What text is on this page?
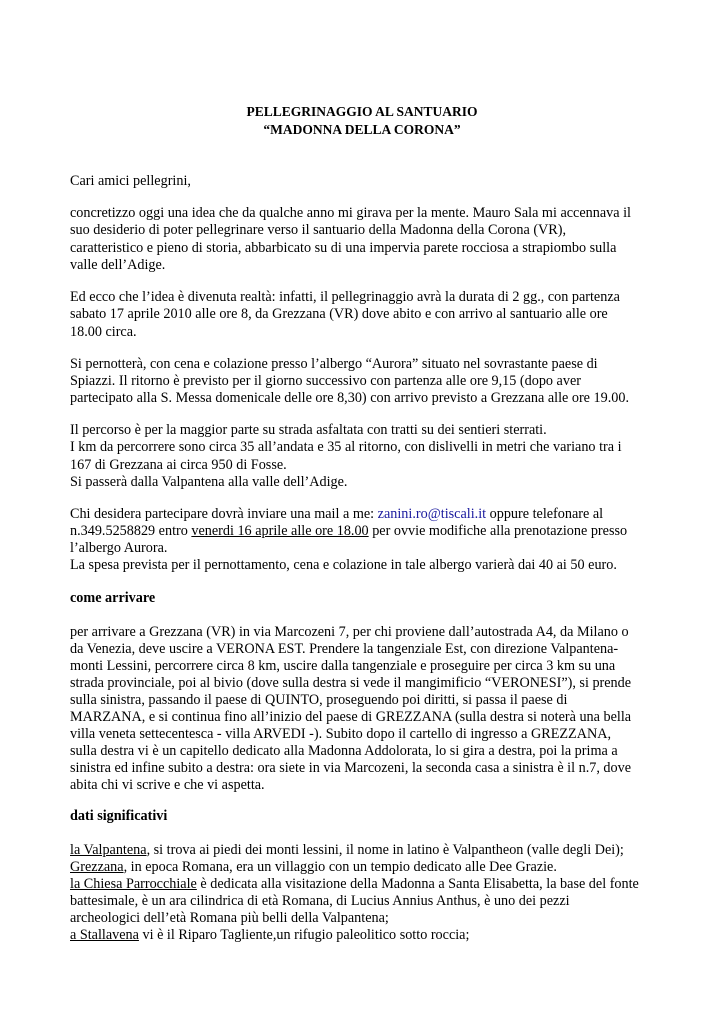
PELLEGRINAGGIO AL SANTUARIO
“MADONNA DELLA CORONA”
Cari amici pellegrini,
concretizzo oggi una idea che da qualche anno mi girava per la mente. Mauro Sala mi accennava il
suo desiderio di poter pellegrinare verso il santuario della Madonna della Corona (VR),
caratteristico e pieno di storia, abbarbicato su di una impervia parete rocciosa a strapiombo sulla
valle dell’Adige.
Ed ecco che l’idea è divenuta realtà: infatti, il pellegrinaggio avrà la durata di 2 gg., con partenza
sabato 17 aprile 2010 alle ore 8, da Grezzana (VR) dove abito e con arrivo al santuario alle ore
18.00 circa.
Si pernotterà, con cena e colazione presso l’albergo “Aurora” situato nel sovrastante paese di
Spiazzi. Il ritorno è previsto per il giorno successivo con partenza alle ore 9,15 (dopo aver
partecipato alla S. Messa domenicale delle ore 8,30) con arrivo previsto a Grezzana alle ore 19.00.
Il percorso è per la maggior parte su strada asfaltata con tratti su dei sentieri sterrati.
I km da percorrere sono circa 35 all’andata e 35 al ritorno, con dislivelli in metri che variano tra i
167 di Grezzana ai circa 950 di Fosse.
Si passerà dalla Valpantena alla valle dell’Adige.
Chi desidera partecipare dovrà inviare una mail a me: zanini.ro@tiscali.it oppure telefonare al
n.349.5258829 entro venerdi 16 aprile alle ore 18.00 per ovvie modifiche alla prenotazione presso
l’albergo Aurora.
La spesa prevista per il pernottamento, cena e colazione in tale albergo varierà dai 40 ai 50 euro.
come arrivare
per arrivare a Grezzana (VR) in via Marcozeni 7, per chi proviene dall’autostrada A4, da Milano o
da Venezia, deve uscire a VERONA EST. Prendere la tangenziale Est, con direzione Valpantena-
monti Lessini, percorrere circa 8 km, uscire dalla tangenziale e proseguire per circa 3 km su una
strada provinciale, poi al bivio (dove sulla destra si vede il mangimificio “VERONESI”), si prende
sulla sinistra, passando il paese di QUINTO, proseguendo poi diritti, si passa il paese di
MARZANA, e si continua fino all’inizio del paese di GREZZANA (sulla destra si noterà una bella
villa veneta settecentesca - villa ARVEDI -). Subito dopo il cartello di ingresso a GREZZANA,
sulla destra vi è un capitello dedicato alla Madonna Addolorata, lo si gira a destra, poi la prima a
sinistra ed infine subito a destra: ora siete in via Marcozeni, la seconda casa a sinistra è il n.7, dove
abita chi vi scrive e che vi aspetta.
dati significativi
la Valpantena, si trova ai piedi dei monti lessini, il nome in latino è Valpantheon (valle degli Dei);
Grezzana, in epoca Romana, era un villaggio con un tempio dedicato alle Dee Grazie.
la Chiesa Parrocchiale è dedicata alla visitazione della Madonna a Santa Elisabetta, la base del fonte
battesimale, è un ara cilindrica di età Romana, di Lucius Annius Anthus, è uno dei pezzi
archeologici dell’età Romana più belli della Valpantena;
a Stallavena vi è il Riparo Tagliente,un rifugio paleolitico sotto roccia;
